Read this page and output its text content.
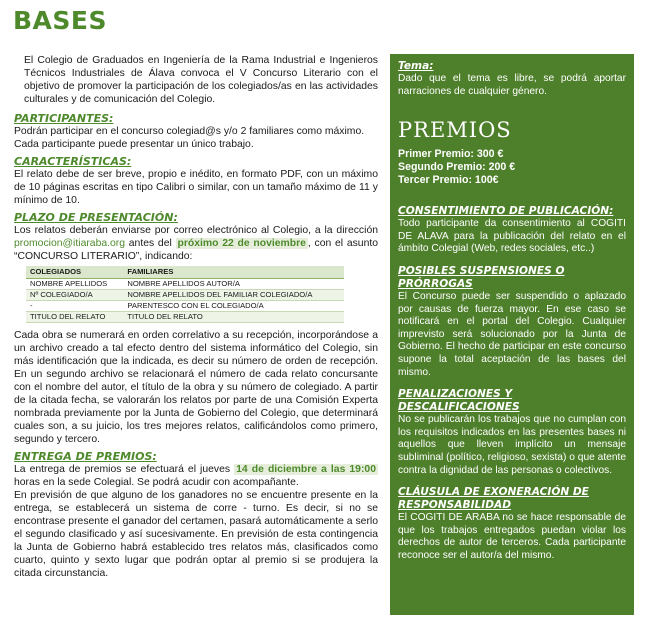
BASES

El Colegio de Graduados en Ingeniería de la Rama Industrial e Ingenieros Técnicos Industriales de Álava convoca el V Concurso Literario con el objetivo de promover la participación de los colegiados/as en las actividades culturales y de comunicación del Colegio.

PARTICIPANTES:

Podrán participar en el concurso colegiad@s y/o 2 familiares como máximo.

Cada participante puede presentar un único trabajo.

CARACTERÍSTICAS:

El relato debe de ser breve, propio e inédito, en formato PDF, con un máximo de 10 páginas escritas en tipo Calibri o similar, con un tamaño máximo de 11 y mínimo de 10.

PLAZO DE PRESENTACIÓN:

Los relatos deberán enviarse por correo electrónico al Colegio, a la dirección promocion@itiaraba.org antes del próximo 22 de noviembre , con el asunto “CONCURSO LITERARIO”, indicando:

COLEGIADOS	FAMILIARES
NOMBRE APELLIDOS	NOMBRE APELLIDOS AUTOR/A
Nº COLEGIADO/A	NOMBRE APELLIDOS DEL FAMILIAR COLEGIADO/A
-	PARENTESCO CON EL COLEGIADO/A
TITULO DEL RELATO	TITULO DEL RELATO

Cada obra se numerará en orden correlativo a su recepción, incorporándose a un archivo creado a tal efecto dentro del sistema informático del Colegio, sin más identificación que la indicada, es decir su número de orden de recepción. En un segundo archivo se relacionará el número de cada relato concursante con el nombre del autor, el título de la obra y su número de colegiado. A partir de la citada fecha, se valorarán los relatos por parte de una Comisión Experta nombrada previamente por la Junta de Gobierno del Colegio, que determinará cuales son, a su juicio, los tres mejores relatos, calificándolos como primero, segundo y tercero.

ENTREGA DE PREMIOS:

La entrega de premios se efectuará el jueves 14 de diciembre a las 19:00 horas en la sede Colegial. Se podrá acudir con acompañante.

En previsión de que alguno de los ganadores no se encuentre presente en la entrega, se establecerá un sistema de corre - turno. Es decir, si no se encontrase presente el ganador del certamen, pasará automáticamente a serlo el segundo clasificado y así sucesivamente. En previsión de esta contingencia la Junta de Gobierno habrá establecido tres relatos más, clasificados como cuarto, quinto y sexto lugar que podrán optar al premio si se produjera la citada circunstancia.

Tema:

Dado que el tema es libre, se podrá aportar narraciones de cualquier género.

PREMIOS
Primer Premio: 300 €
Segundo Premio: 200 €
Tercer Premio: 100€
CONSENTIMIENTO DE PUBLICACIÓN:

Todo participante da consentimiento al COGITI DE ALAVA para la publicación del relato en el ámbito Colegial (Web, redes sociales, etc..)

POSIBLES SUSPENSIONES O PRÓRROGAS

El Concurso puede ser suspendido o aplazado por causas de fuerza mayor. En ese caso se notificará en el portal del Colegio. Cualquier imprevisto será solucionado por la Junta de Gobierno. El hecho de participar en este concurso supone la total aceptación de las bases del mismo.

PENALIZACIONES Y DESCALIFICACIONES

No se publicarán los trabajos que no cumplan con los requisitos indicados en las presentes bases ni aquellos que lleven implícito un mensaje subliminal (político, religioso, sexista) o que atente contra la dignidad de las personas o colectivos.

CLÁUSULA DE EXONERACIÓN DE RESPONSABILIDAD

El COGITI DE ARABA no se hace responsable de que los trabajos entregados puedan violar los derechos de autor de terceros. Cada participante reconoce ser el autor/a del mismo.
